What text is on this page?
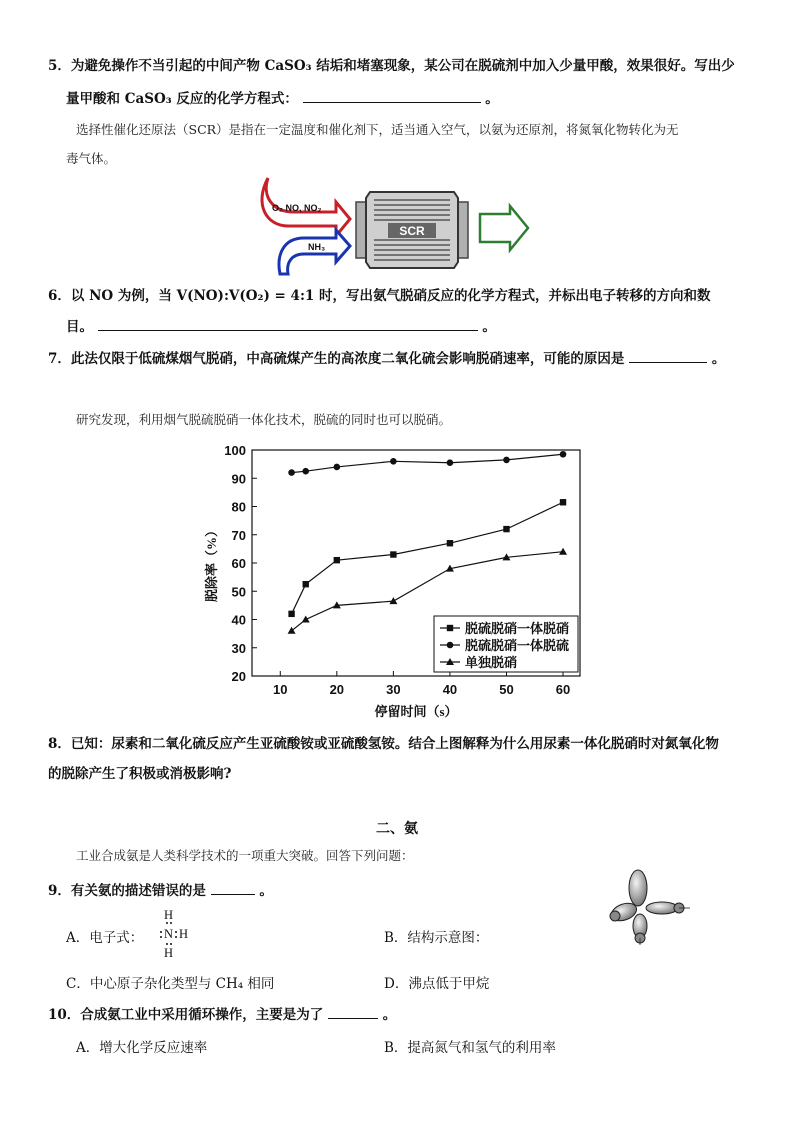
5．为避免操作不当引起的中间产物 CaSO₃ 结垢和堵塞现象，某公司在脱硫剂中加入少量甲酸，效果很好。写出少
量甲酸和 CaSO₃ 反应的化学方程式：	。
选择性催化还原法（SCR）是指在一定温度和催化剂下，适当通入空气，以氨为还原剂，将氮氧化物转化为无
毒气体。
O₂ NO, NO₂
NH₃
SCR
6．以 NO 为例，当 V(NO):V(O₂) = 4:1 时，写出氨气脱硝反应的化学方程式，并标出电子转移的方向和数
目。	。
7．此法仅限于低硫煤烟气脱硝，中高硫煤产生的高浓度二氧化硫会影响脱硝速率，可能的原因是	。
研究发现，利用烟气脱硫脱硝一体化技术，脱硫的同时也可以脱硝。
20
30
40
50
60
70
80
90
100
10	20	30	40	50	60
停留时间（s）
脱除率（%）
脱硫脱硝一体脱硝
脱硫脱硝一体脱硫
单独脱硝
8．已知：尿素和二氧化硫反应产生亚硫酸铵或亚硫酸氢铵。结合上图解释为什么用尿素一体化脱硝时对氮氧化物
的脱除产生了积极或消极影响?
二、氨
工业合成氨是人类科学技术的一项重大突破。回答下列问题：
9．有关氨的描述错误的是	。
A．电子式：
H
N H
H
B．结构示意图：
C．中心原子杂化类型与 CH₄ 相同	D．沸点低于甲烷
10．合成氨工业中采用循环操作，主要是为了	。
A．增大化学反应速率	B．提高氮气和氢气的利用率
